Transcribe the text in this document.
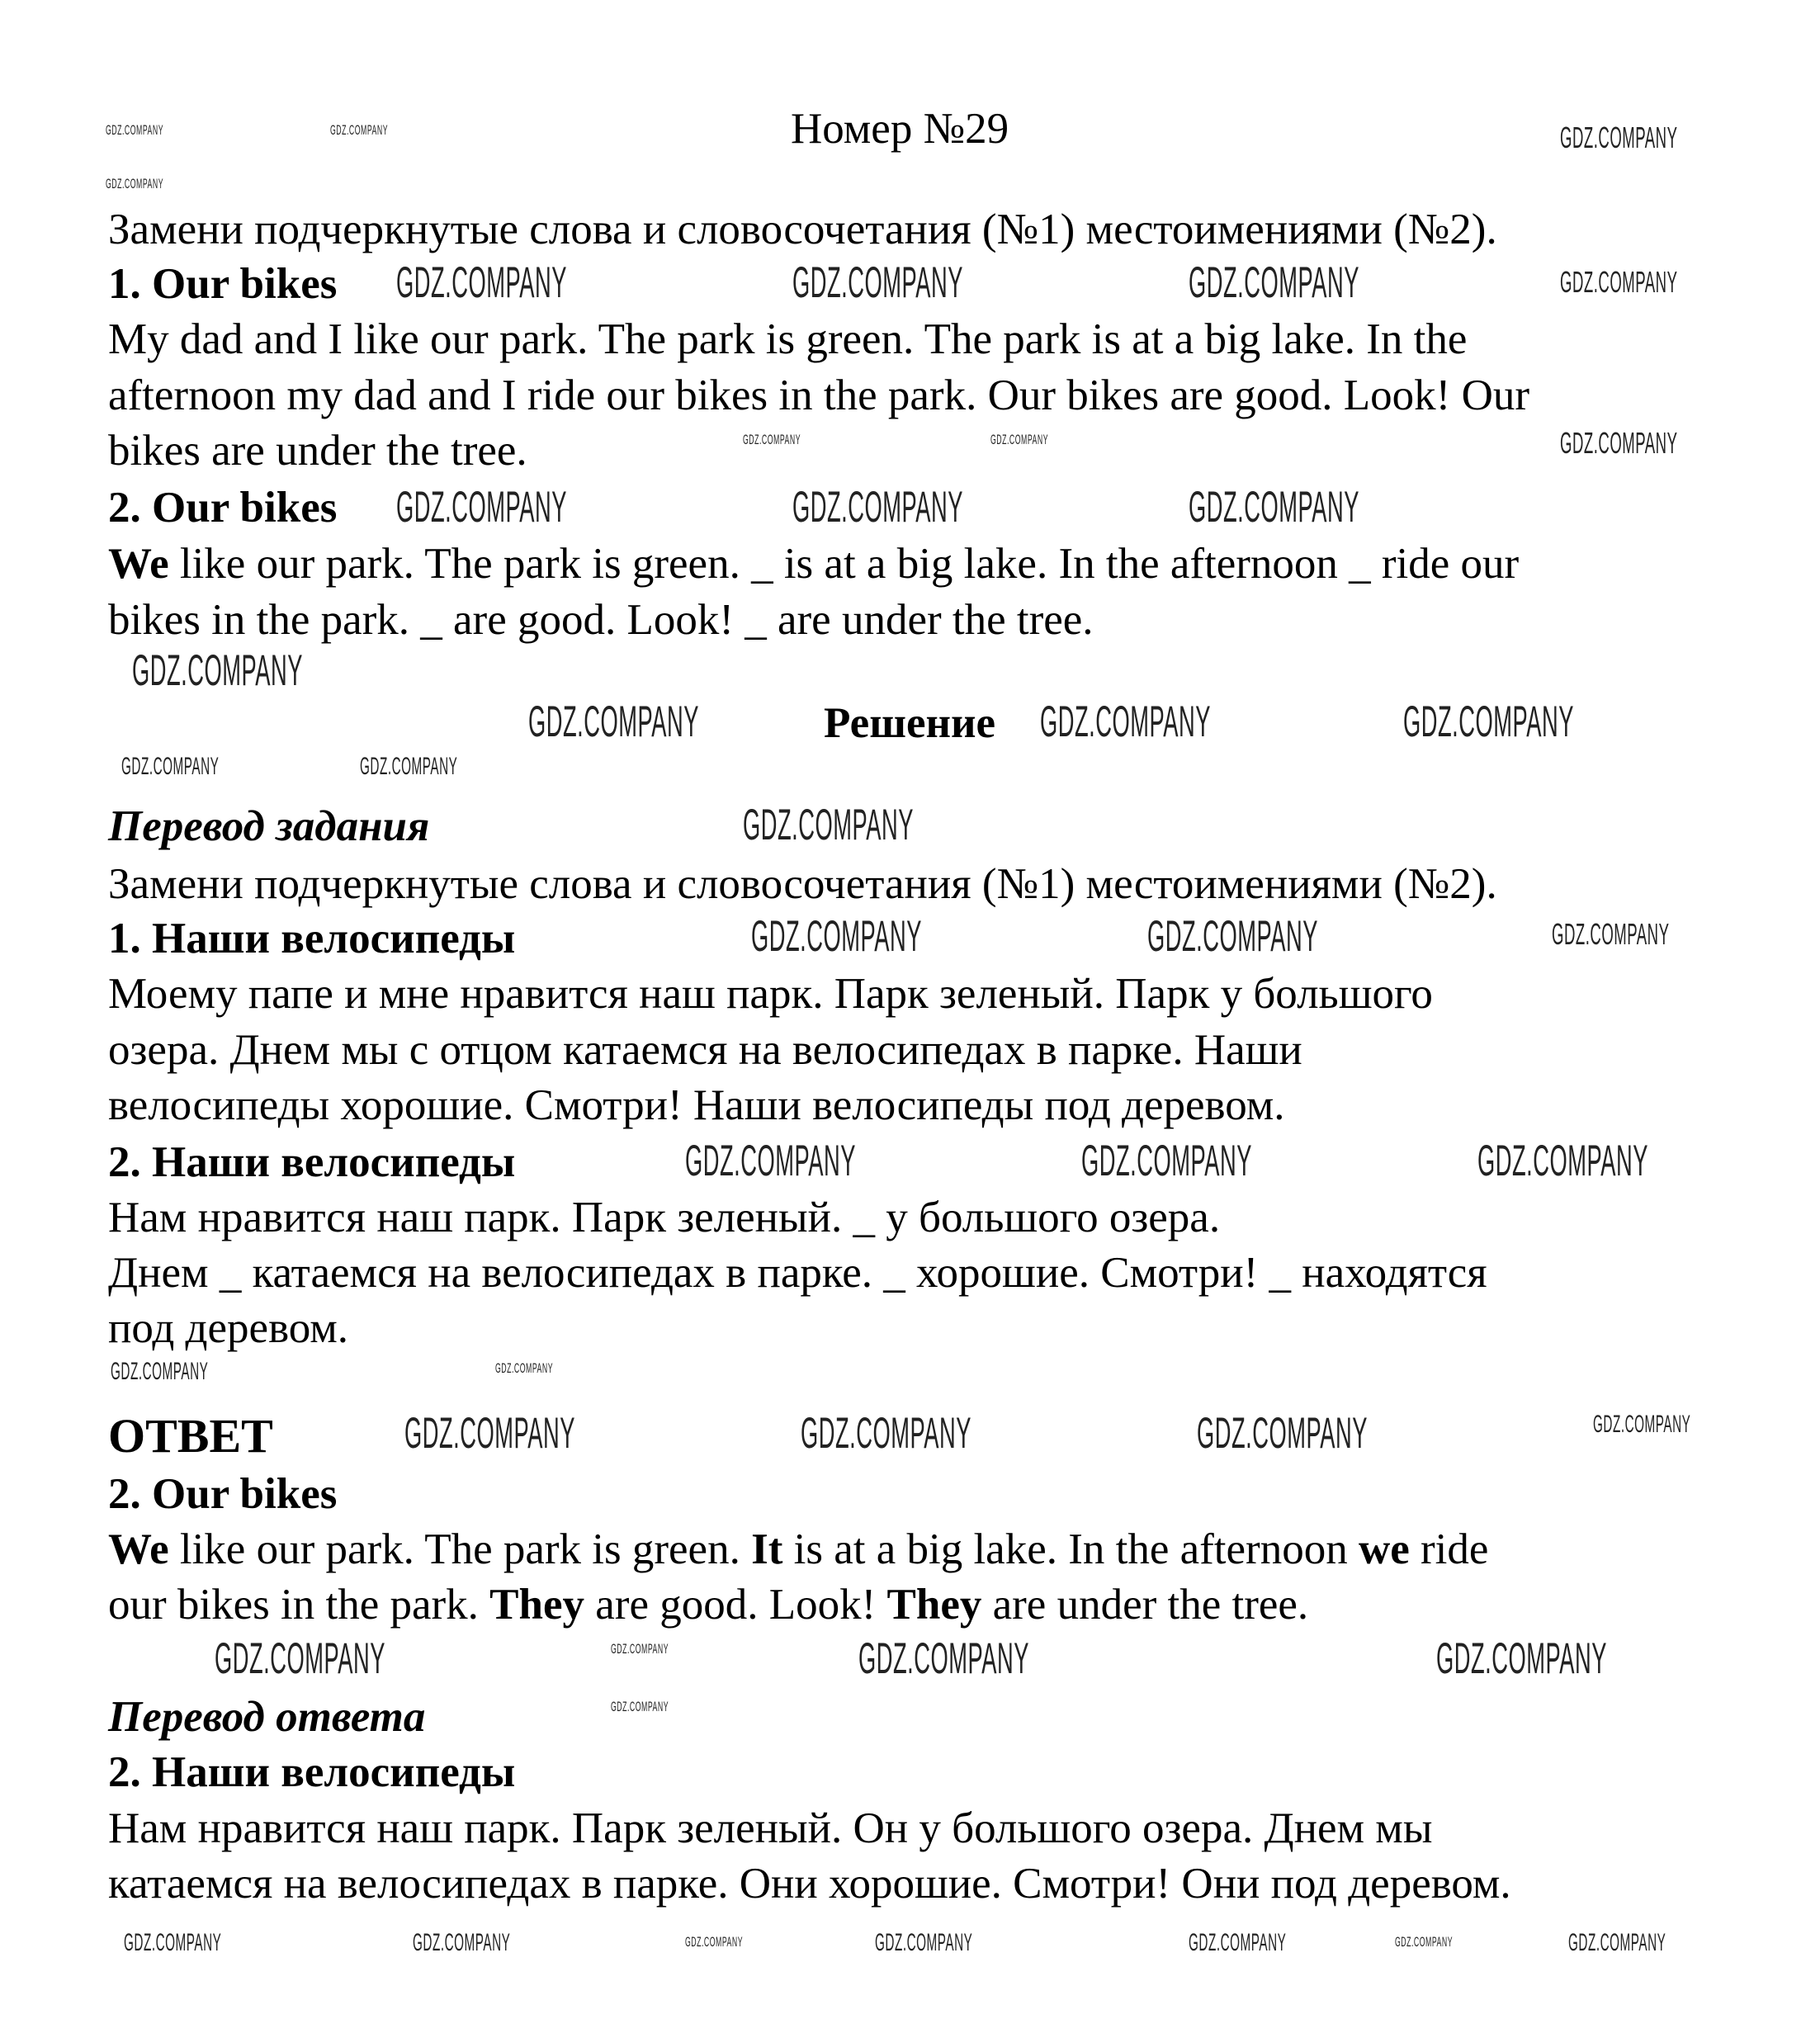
Номер №29
Замени подчеркнутые слова и словосочетания (№1) местоимениями (№2).
1. Our bikes
My dad and I like our park. The park is green. The park is at a big lake. In the
afternoon my dad and I ride our bikes in the park. Our bikes are good. Look! Our
bikes are under the tree.
2. Our bikes
We like our park. The park is green. _ is at a big lake. In the afternoon _ ride our
bikes in the park. _ are good. Look! _ are under the tree.
Решение
Перевод задания
Замени подчеркнутые слова и словосочетания (№1) местоимениями (№2).
1. Наши велосипеды
Моему папе и мне нравится наш парк. Парк зеленый. Парк у большого
озера. Днем мы с отцом катаемся на велосипедах в парке. Наши
велосипеды хорошие. Смотри! Наши велосипеды под деревом.
2. Наши велосипеды
Нам нравится наш парк. Парк зеленый. _ у большого озера.
Днем _ катаемся на велосипедах в парке. _ хорошие. Смотри! _ находятся
под деревом.
ОТВЕТ
2. Our bikes
We like our park. The park is green. It is at a big lake. In the afternoon we ride
our bikes in the park. They are good. Look! They are under the tree.
Перевод ответа
2. Наши велосипеды
Нам нравится наш парк. Парк зеленый. Он у большого озера. Днем мы
катаемся на велосипедах в парке. Они хорошие. Смотри! Они под деревом.
GDZ.COMPANY	GDZ.COMPANY	GDZ.COMPANY
GDZ.COMPANY
GDZ.COMPANY	GDZ.COMPANY	GDZ.COMPANY	GDZ.COMPANY
GDZ.COMPANY	GDZ.COMPANY	GDZ.COMPANY
GDZ.COMPANY	GDZ.COMPANY	GDZ.COMPANY
GDZ.COMPANY
GDZ.COMPANY	GDZ.COMPANY	GDZ.COMPANY
GDZ.COMPANY	GDZ.COMPANY
GDZ.COMPANY
GDZ.COMPANY	GDZ.COMPANY	GDZ.COMPANY
GDZ.COMPANY	GDZ.COMPANY	GDZ.COMPANY
GDZ.COMPANY	GDZ.COMPANY
GDZ.COMPANY	GDZ.COMPANY	GDZ.COMPANY	GDZ.COMPANY
GDZ.COMPANY	GDZ.COMPANY	GDZ.COMPANY	GDZ.COMPANY
GDZ.COMPANY
GDZ.COMPANY	GDZ.COMPANY	GDZ.COMPANY	GDZ.COMPANY	GDZ.COMPANY	GDZ.COMPANY	GDZ.COMPANY
